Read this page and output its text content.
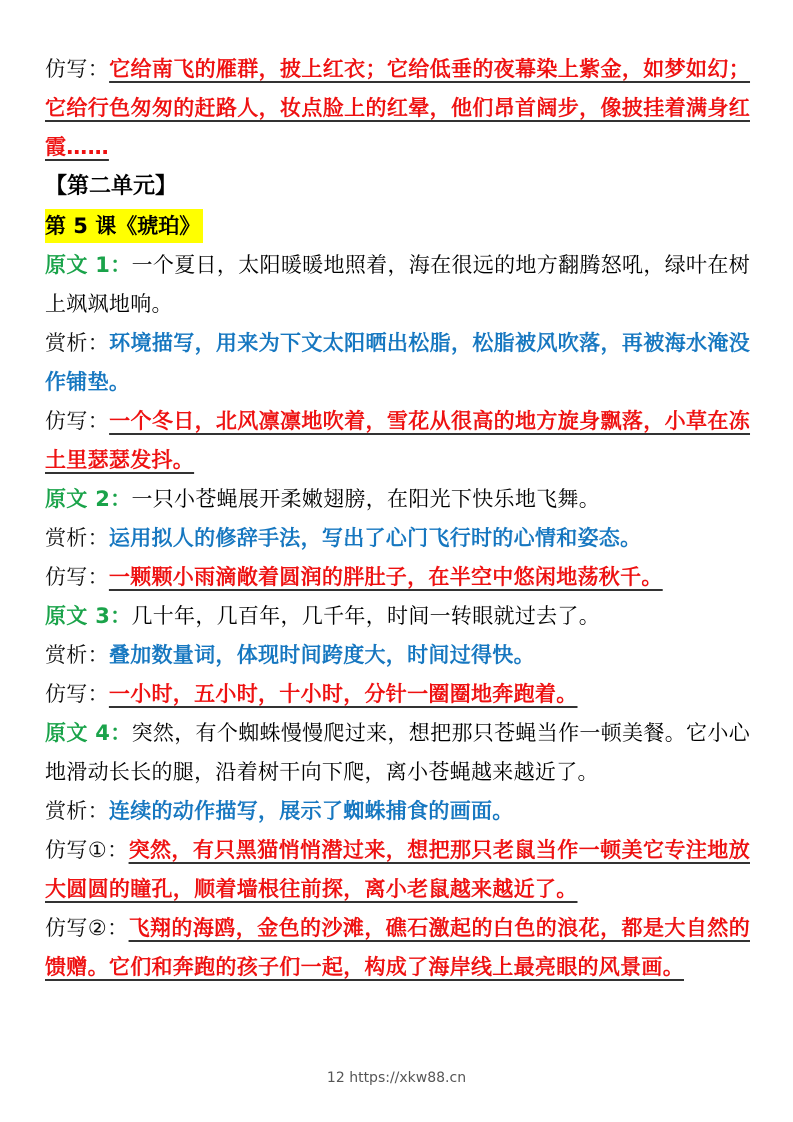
仿写：它给南飞的雁群，披上红衣；它给低垂的夜幕染上紫金，如梦如幻；它给行色匆匆的赶路人，妆点脸上的红晕，他们昂首阔步，像披挂着满身红霞……

【第二单元】

第 5 课《琥珀》

原文 1：一个夏日，太阳暖暖地照着，海在很远的地方翻腾怒吼，绿叶在树上飒飒地响。

赏析：环境描写，用来为下文太阳晒出松脂，松脂被风吹落，再被海水淹没作铺垫。

仿写：一个冬日，北风凛凛地吹着，雪花从很高的地方旋身飘落，小草在冻土里瑟瑟发抖。

原文 2：一只小苍蝇展开柔嫩翅膀，在阳光下快乐地飞舞。

赏析：运用拟人的修辞手法，写出了心门飞行时的心情和姿态。

仿写：一颗颗小雨滴敞着圆润的胖肚子，在半空中悠闲地荡秋千。

原文 3：几十年，几百年，几千年，时间一转眼就过去了。

赏析：叠加数量词，体现时间跨度大，时间过得快。

仿写：一小时，五小时，十小时，分针一圈圈地奔跑着。

原文 4：突然，有个蜘蛛慢慢爬过来，想把那只苍蝇当作一顿美餐。它小心地滑动长长的腿，沿着树干向下爬，离小苍蝇越来越近了。

赏析：连续的动作描写，展示了蜘蛛捕食的画面。

仿写①：突然，有只黑猫悄悄潜过来，想把那只老鼠当作一顿美它专注地放大圆圆的瞳孔，顺着墙根往前探，离小老鼠越来越近了。

仿写②：飞翔的海鸥，金色的沙滩，礁石激起的白色的浪花，都是大自然的馈赠。它们和奔跑的孩子们一起，构成了海岸线上最亮眼的风景画。

12 https://xkw88.cn
